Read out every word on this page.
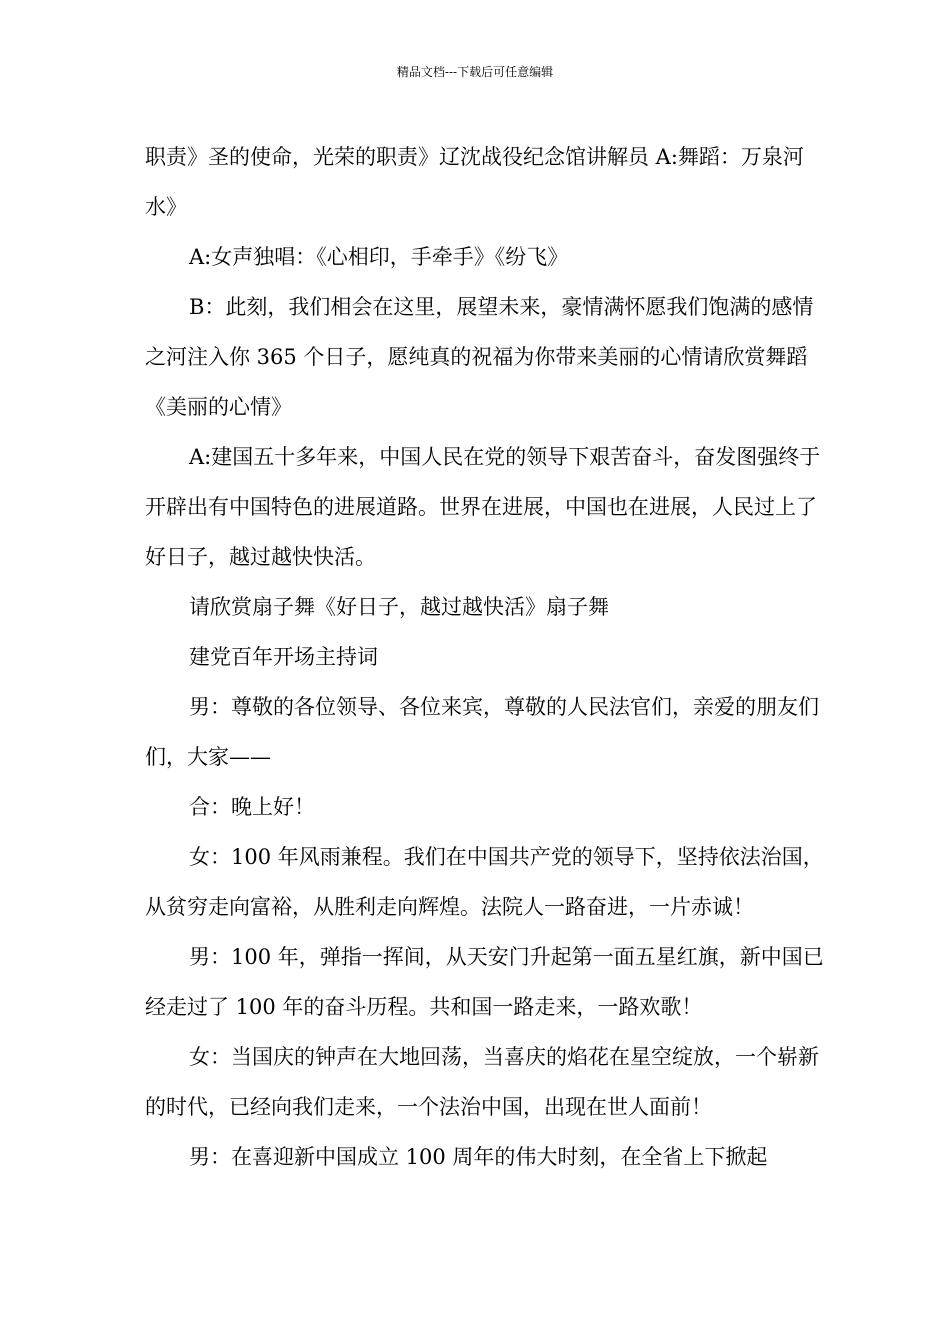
精品文档---下载后可任意编辑

职责》圣的使命，光荣的职责》辽沈战役纪念馆讲解员 A:舞蹈：万泉河水》

A:女声独唱：《心相印，手牵手》《纷飞》

B：此刻，我们相会在这里，展望未来，豪情满怀愿我们饱满的感情之河注入你 365 个日子，愿纯真的祝福为你带来美丽的心情请欣赏舞蹈《美丽的心情》

A:建国五十多年来，中国人民在党的领导下艰苦奋斗，奋发图强终于开辟出有中国特色的进展道路。世界在进展，中国也在进展，人民过上了好日子，越过越快快活。

请欣赏扇子舞《好日子，越过越快活》扇子舞

建党百年开场主持词

男：尊敬的各位领导、各位来宾，尊敬的人民法官们，亲爱的朋友们们，大家——

合：晚上好！

女：100 年风雨兼程。我们在中国共产党的领导下，坚持依法治国，从贫穷走向富裕，从胜利走向辉煌。法院人一路奋进，一片赤诚！

男：100 年，弹指一挥间，从天安门升起第一面五星红旗，新中国已经走过了 100 年的奋斗历程。共和国一路走来，一路欢歌！

女：当国庆的钟声在大地回荡，当喜庆的焰花在星空绽放，一个崭新的时代，已经向我们走来，一个法治中国，出现在世人面前！

男：在喜迎新中国成立 100 周年的伟大时刻，在全省上下掀起
